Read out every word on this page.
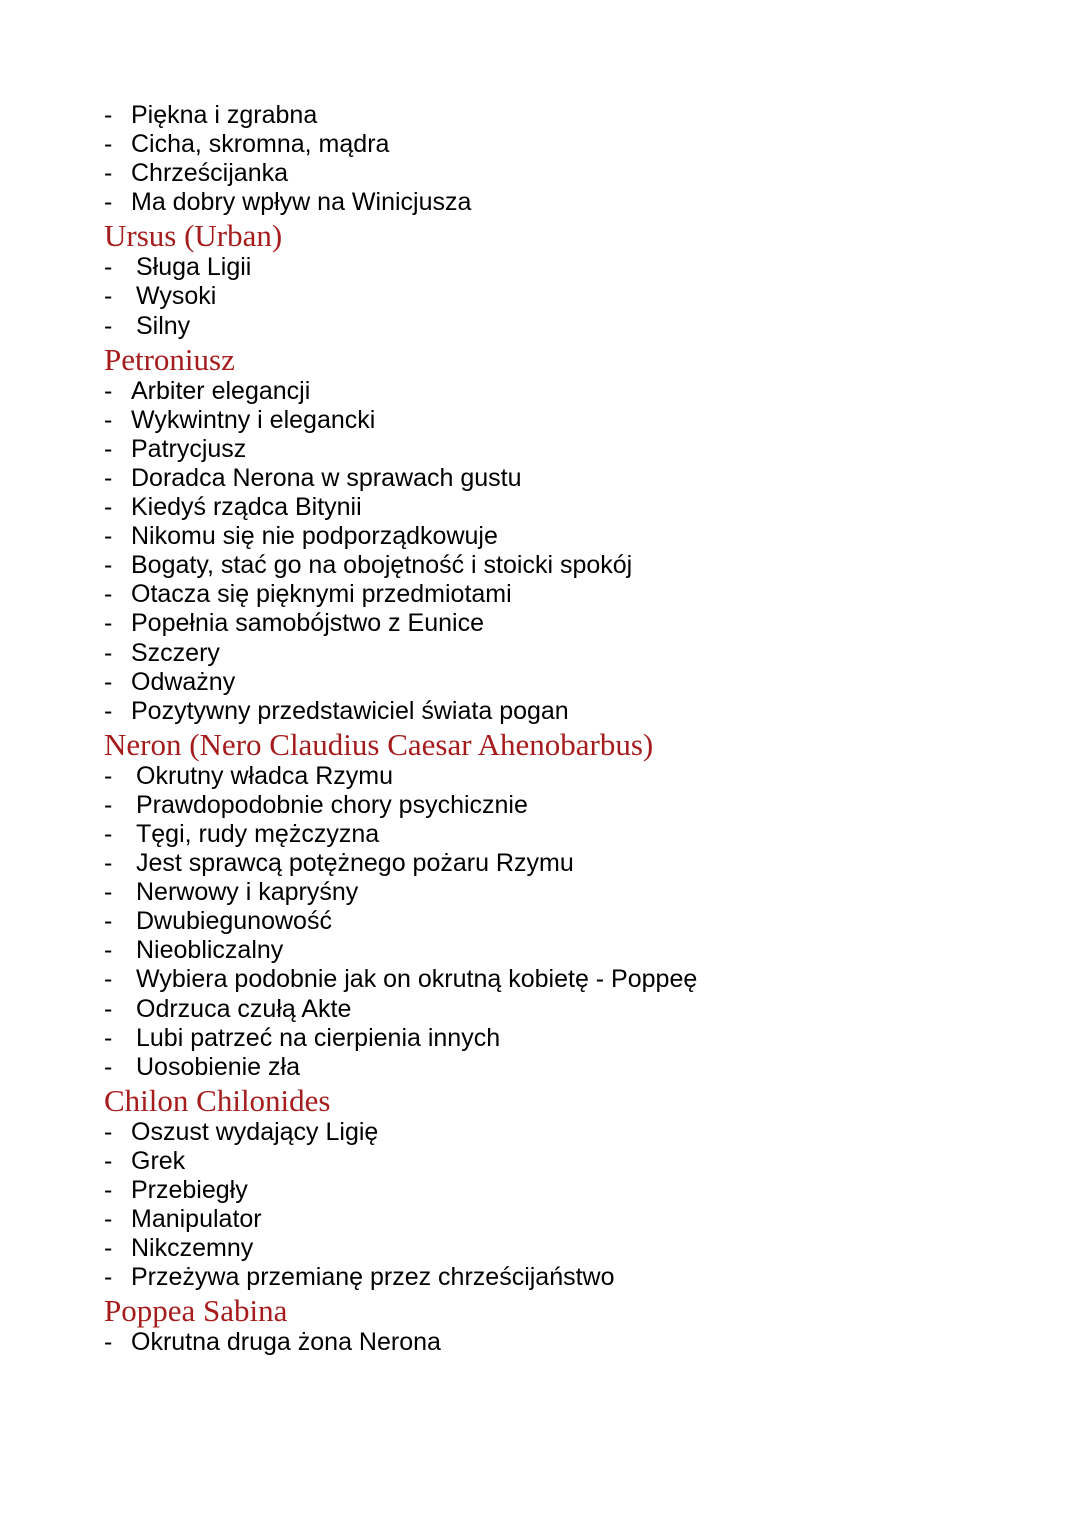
- Piękna i zgrabna
- Cicha, skromna, mądra
- Chrześcijanka
- Ma dobry wpływ na Winicjusza
Ursus (Urban)
- Sługa Ligii
- Wysoki
- Silny
Petroniusz
- Arbiter elegancji
- Wykwintny i elegancki
- Patrycjusz
- Doradca Nerona w sprawach gustu
- Kiedyś rządca Bitynii
- Nikomu się nie podporządkowuje
- Bogaty, stać go na obojętność i stoicki spokój
- Otacza się pięknymi przedmiotami
- Popełnia samobójstwo z Eunice
- Szczery
- Odważny
- Pozytywny przedstawiciel świata pogan
Neron (Nero Claudius Caesar Ahenobarbus)
- Okrutny władca Rzymu
- Prawdopodobnie chory psychicznie
- Tęgi, rudy mężczyzna
- Jest sprawcą potężnego pożaru Rzymu
- Nerwowy i kapryśny
- Dwubiegunowość
- Nieobliczalny
- Wybiera podobnie jak on okrutną kobietę - Poppeę
- Odrzuca czułą Akte
- Lubi patrzeć na cierpienia innych
- Uosobienie zła
Chilon Chilonides
- Oszust wydający Ligię
- Grek
- Przebiegły
- Manipulator
- Nikczemny
- Przeżywa przemianę przez chrześcijaństwo
Poppea Sabina
- Okrutna druga żona Nerona
